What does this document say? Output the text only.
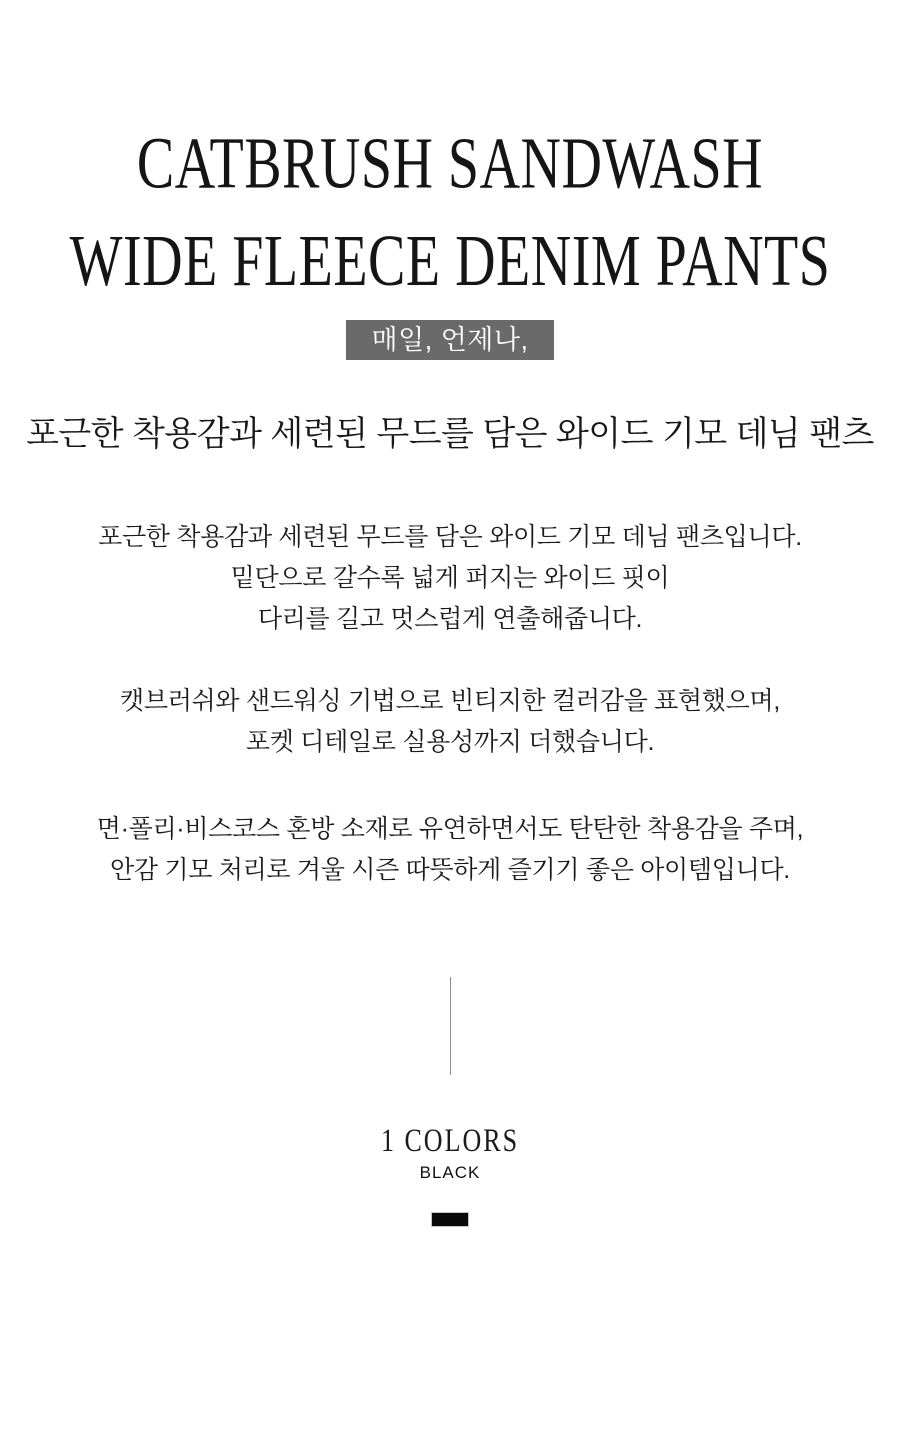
CATBRUSH SANDWASH
WIDE FLEECE DENIM PANTS
매일, 언제나,
포근한 착용감과 세련된 무드를 담은 와이드 기모 데님 팬츠

포근한 착용감과 세련된 무드를 담은 와이드 기모 데님 팬츠입니다.
밑단으로 갈수록 넓게 퍼지는 와이드 핏이
다리를 길고 멋스럽게 연출해줍니다.

캣브러쉬와 샌드워싱 기법으로 빈티지한 컬러감을 표현했으며,
포켓 디테일로 실용성까지 더했습니다.

면·폴리·비스코스 혼방 소재로 유연하면서도 탄탄한 착용감을 주며,
안감 기모 처리로 겨울 시즌 따뜻하게 즐기기 좋은 아이템입니다.

1 COLORS
BLACK
